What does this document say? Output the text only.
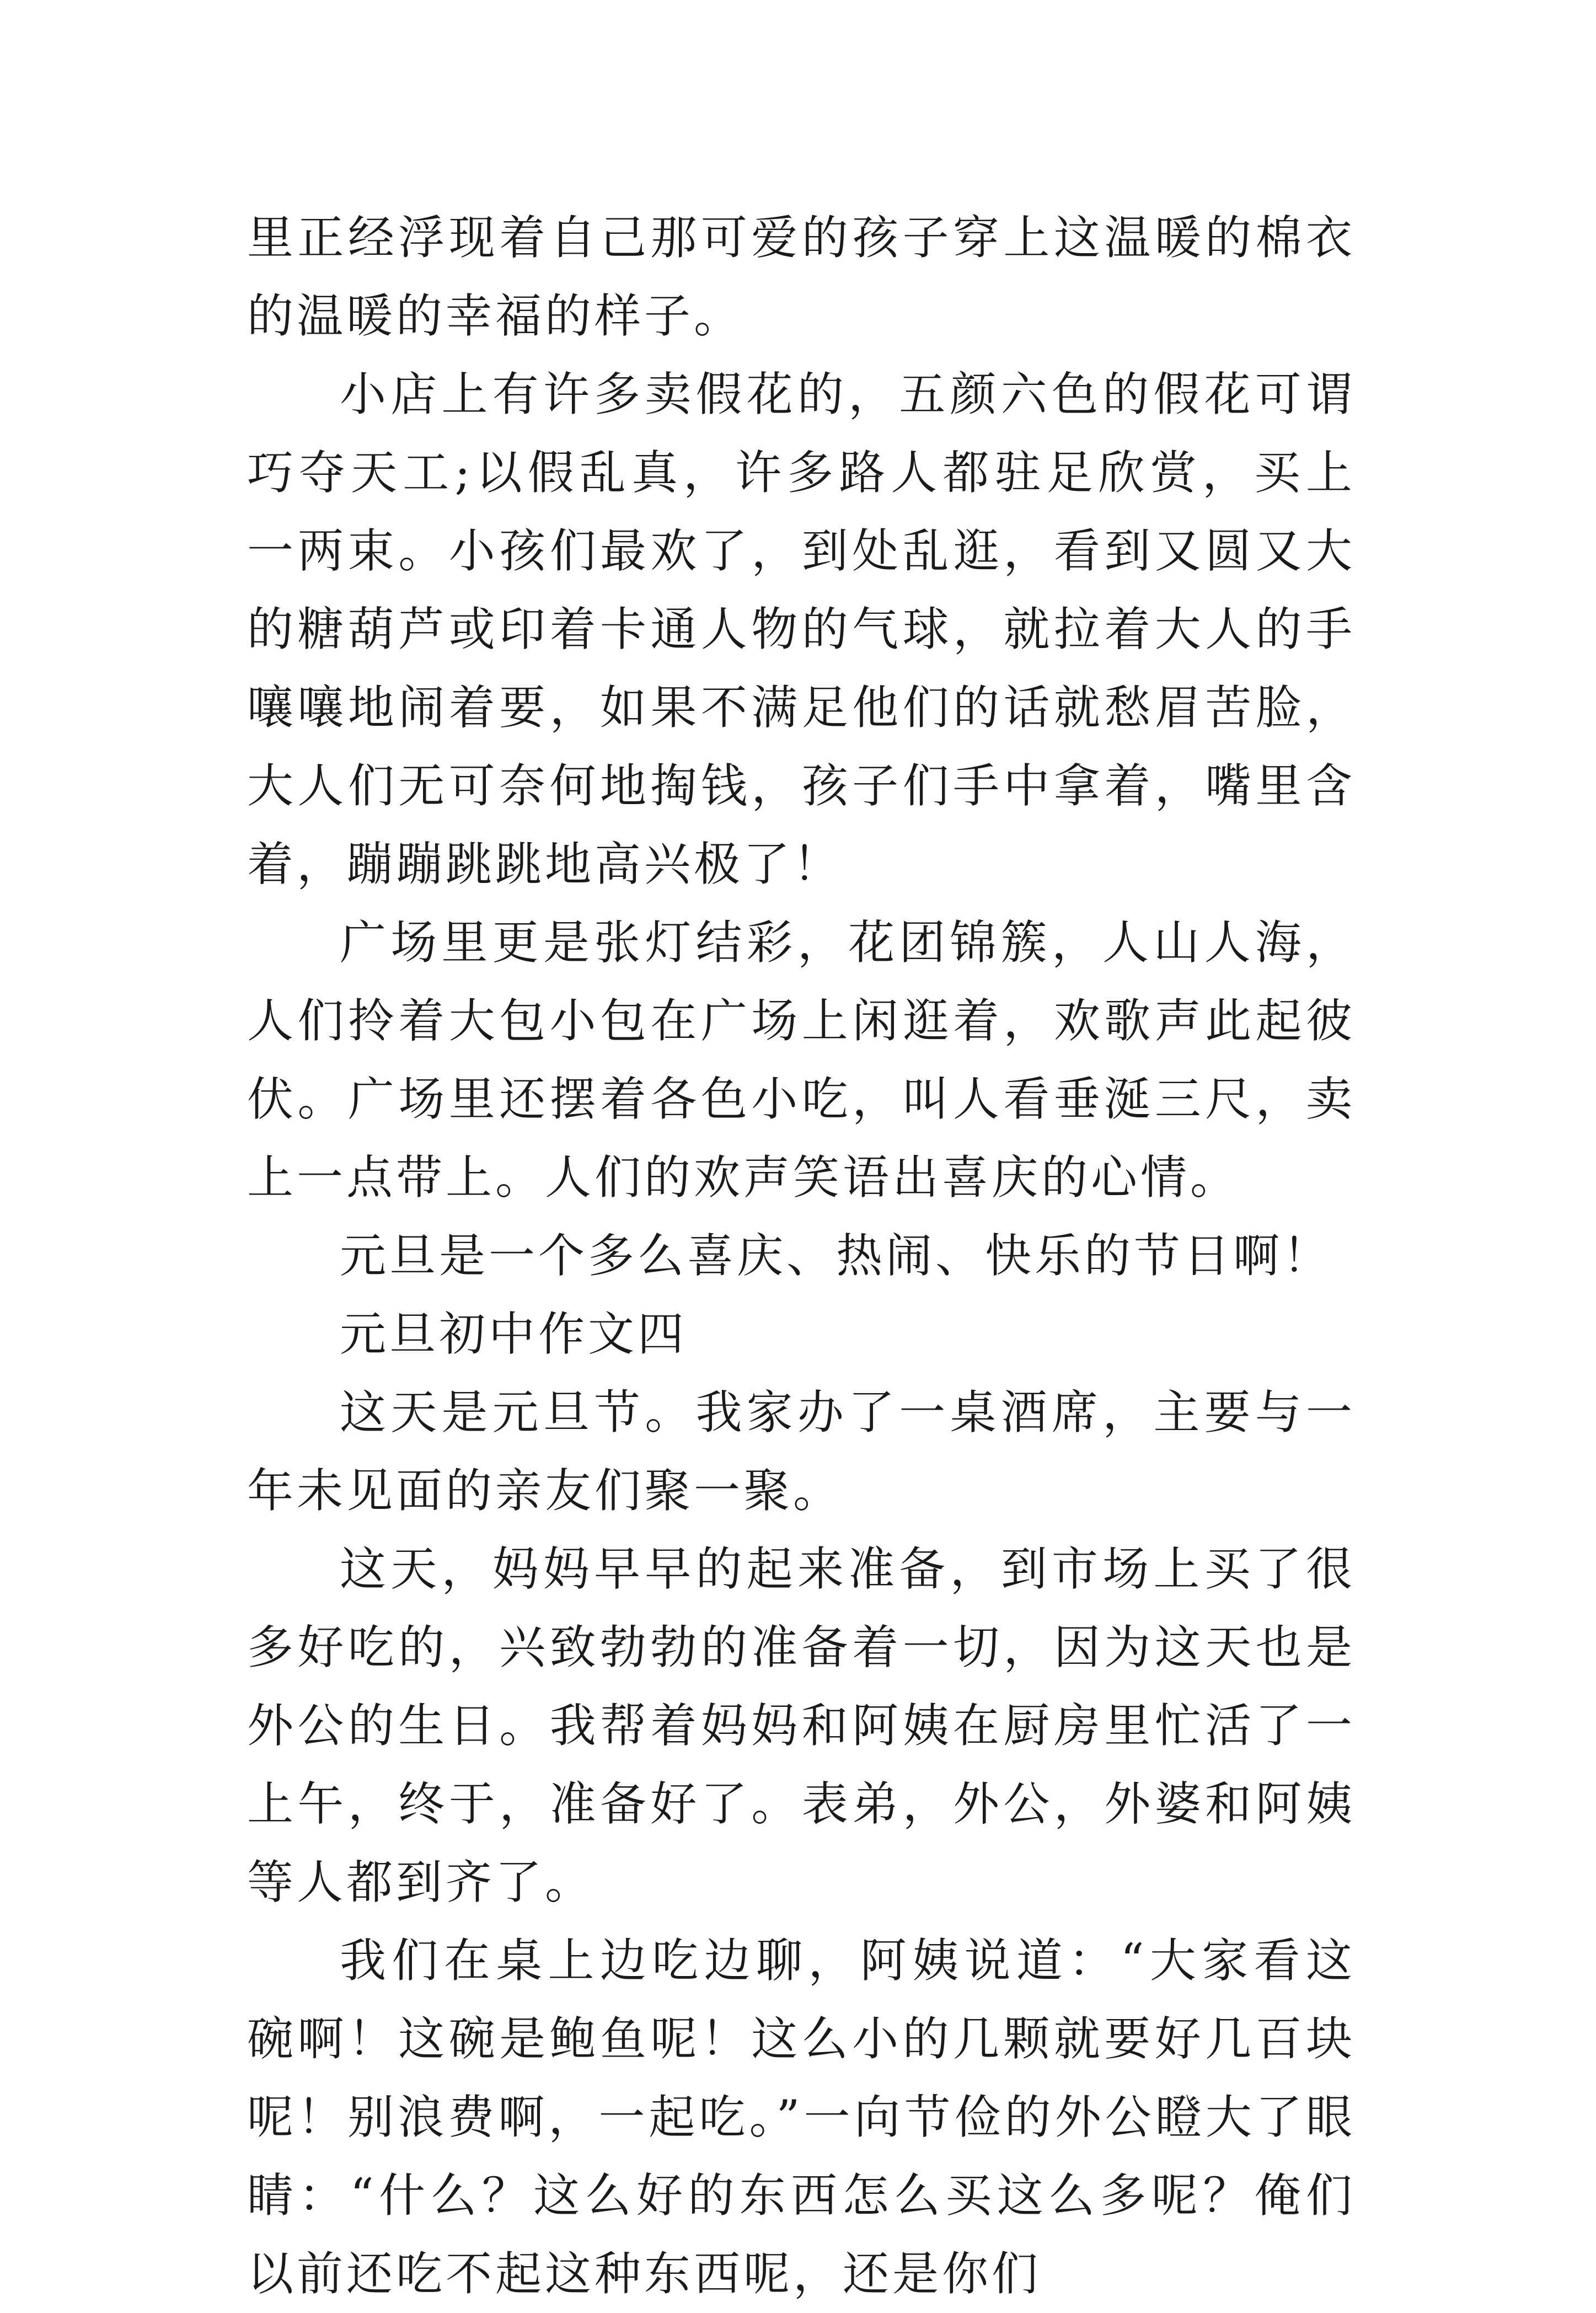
里正经浮现着自己那可爱的孩子穿上这温暖的棉衣的温暖的幸福的样子。

小店上有许多卖假花的，五颜六色的假花可谓巧夺天工;以假乱真，许多路人都驻足欣赏，买上一两束。小孩们最欢了，到处乱逛，看到又圆又大的糖葫芦或印着卡通人物的气球，就拉着大人的手嚷嚷地闹着要，如果不满足他们的话就愁眉苦脸，大人们无可奈何地掏钱，孩子们手中拿着，嘴里含着，蹦蹦跳跳地高兴极了！

广场里更是张灯结彩，花团锦簇，人山人海，人们拎着大包小包在广场上闲逛着，欢歌声此起彼伏。广场里还摆着各色小吃，叫人看垂涎三尺，卖上一点带上。人们的欢声笑语出喜庆的心情。

元旦是一个多么喜庆、热闹、快乐的节日啊！

元旦初中作文四

这天是元旦节。我家办了一桌酒席，主要与一年未见面的亲友们聚一聚。

这天，妈妈早早的起来准备，到市场上买了很多好吃的，兴致勃勃的准备着一切，因为这天也是外公的生日。我帮着妈妈和阿姨在厨房里忙活了一上午，终于，准备好了。表弟，外公，外婆和阿姨等人都到齐了。

我们在桌上边吃边聊，阿姨说道：“大家看这碗啊！这碗是鲍鱼呢！这么小的几颗就要好几百块呢！别浪费啊，一起吃。”一向节俭的外公瞪大了眼睛：“什么？这么好的东西怎么买这么多呢？俺们以前还吃不起这种东西呢，还是你们
